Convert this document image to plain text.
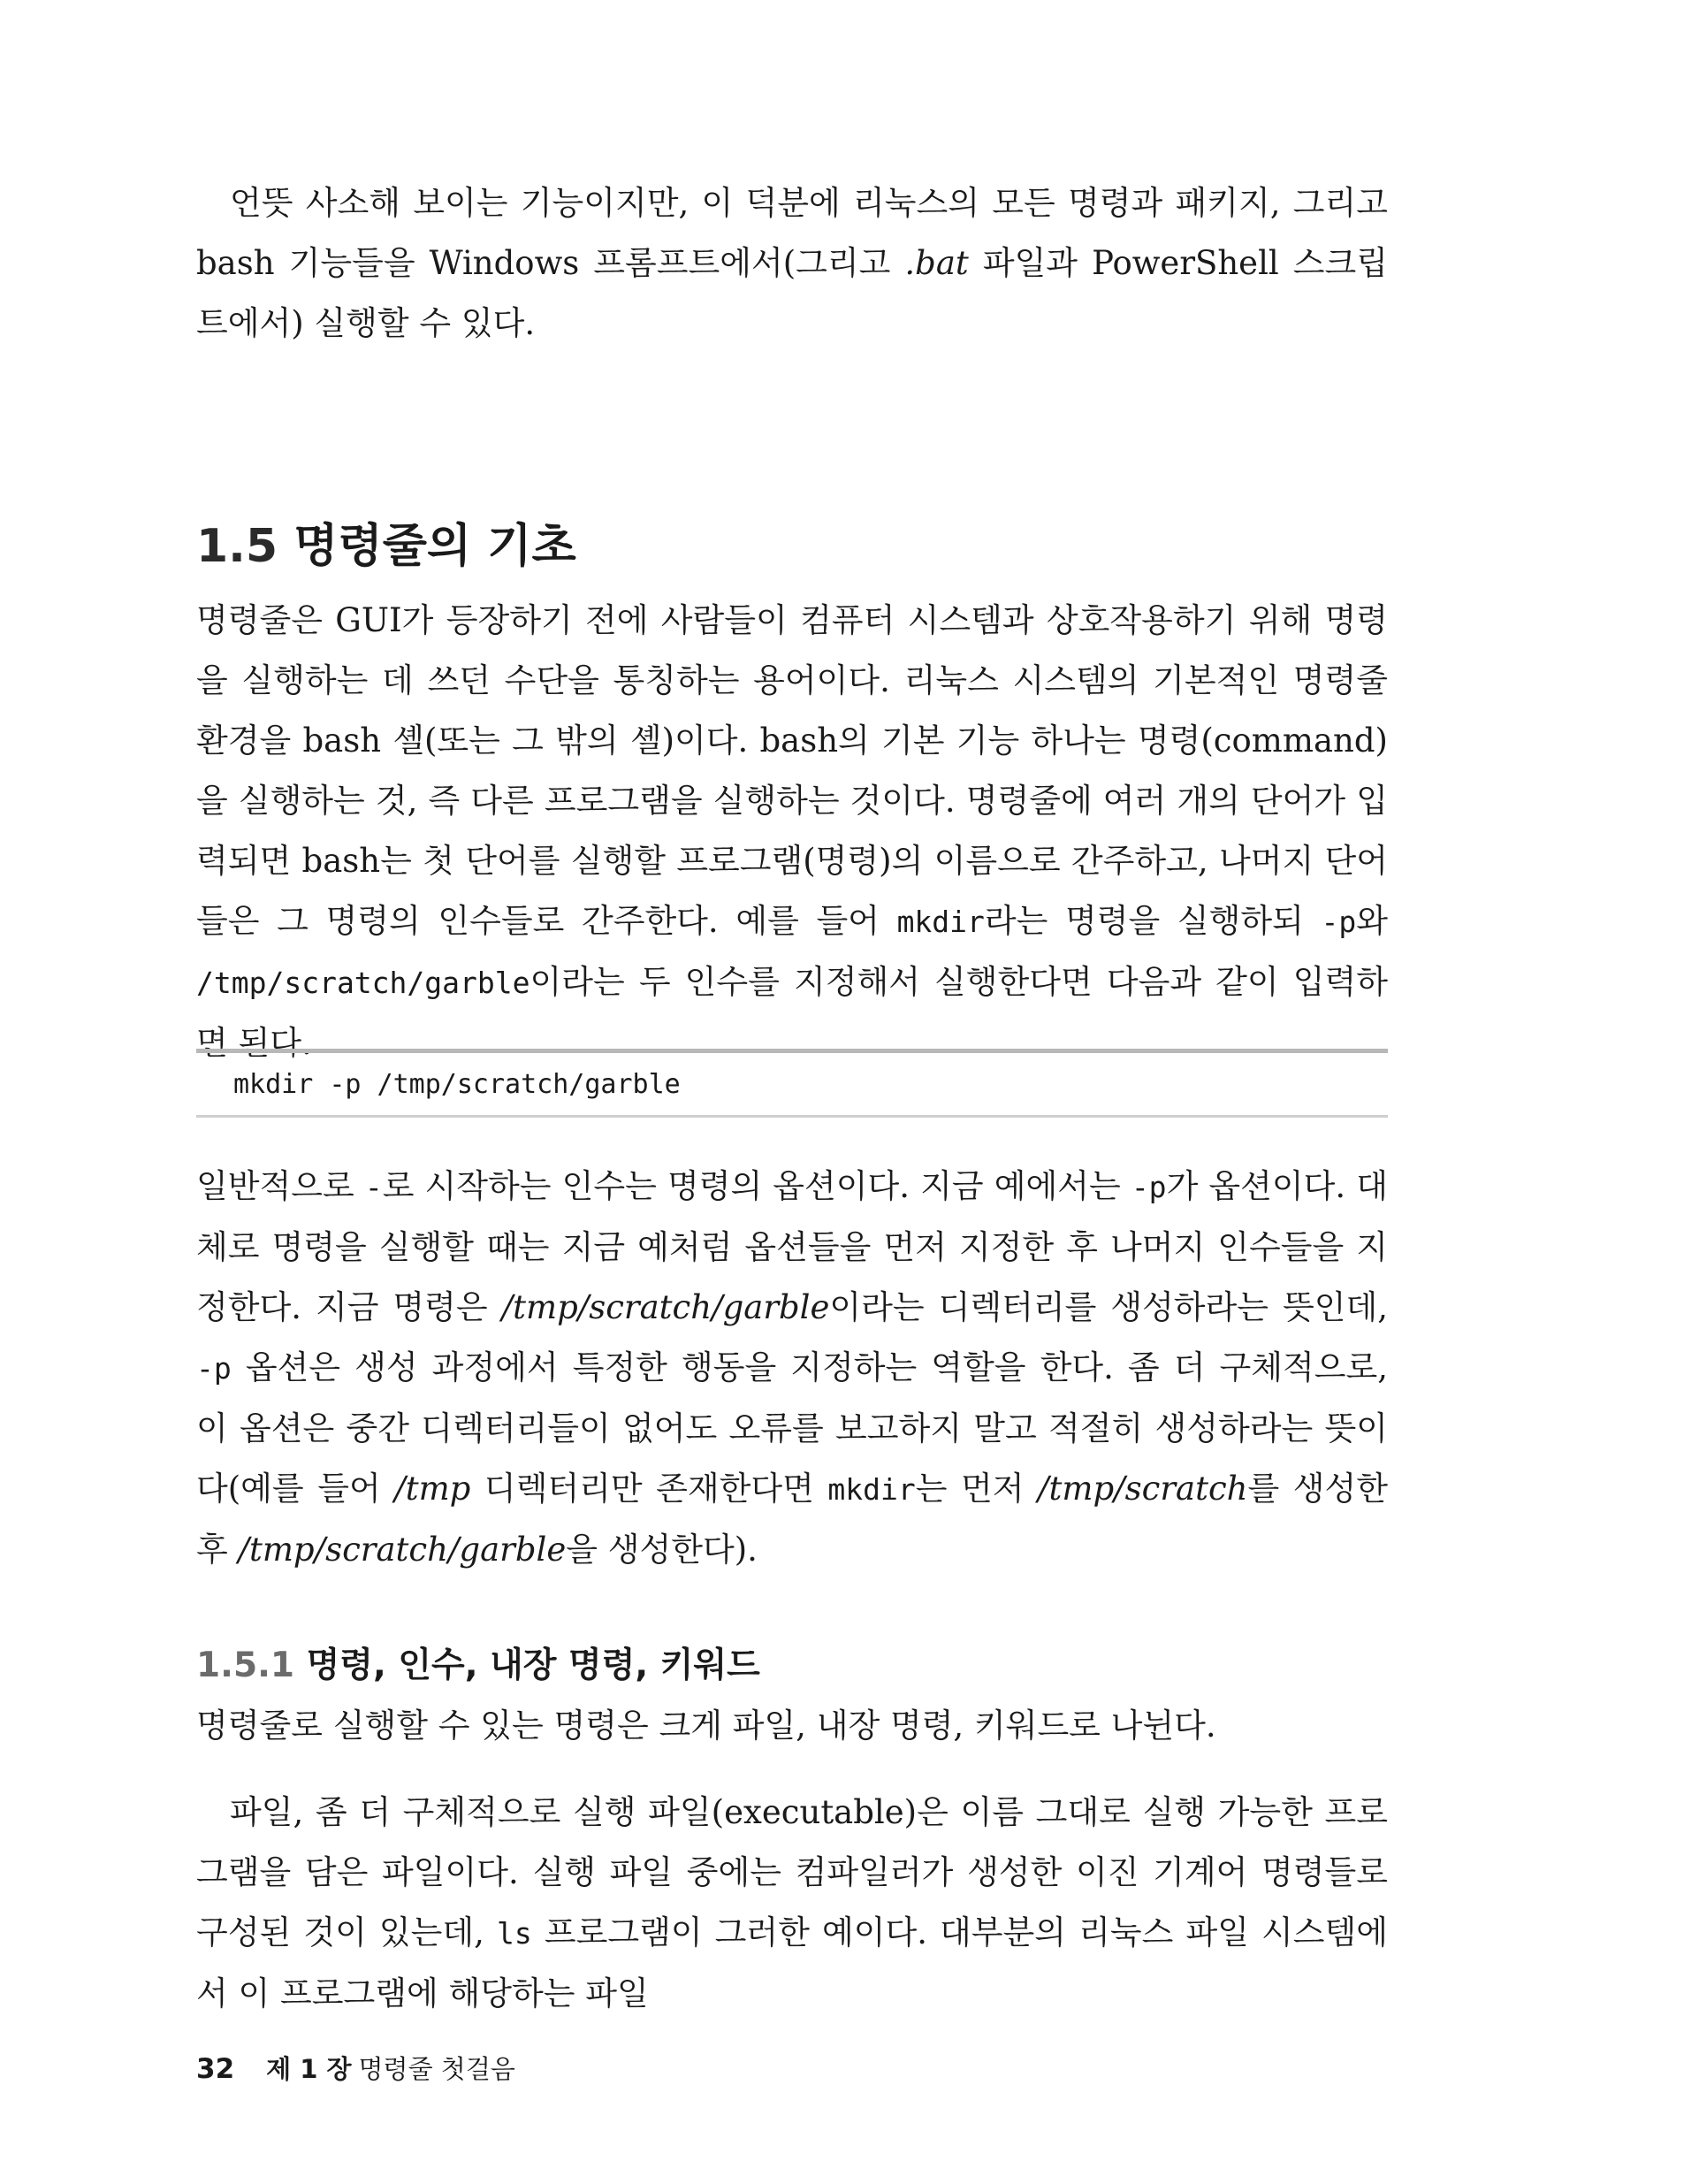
언뜻 사소해 보이는 기능이지만, 이 덕분에 리눅스의 모든 명령과 패키지, 그리고 bash 기능들을 Windows 프롬프트에서(그리고 .bat 파일과 PowerShell 스크립트에서) 실행할 수 있다.

1.5 명령줄의 기초

명령줄은 GUI가 등장하기 전에 사람들이 컴퓨터 시스템과 상호작용하기 위해 명령을 실행하는 데 쓰던 수단을 통칭하는 용어이다. 리눅스 시스템의 기본적인 명령줄 환경을 bash 셸(또는 그 밖의 셸)이다. bash의 기본 기능 하나는 명령(command)을 실행하는 것, 즉 다른 프로그램을 실행하는 것이다. 명령줄에 여러 개의 단어가 입력되면 bash는 첫 단어를 실행할 프로그램(명령)의 이름으로 간주하고, 나머지 단어들은 그 명령의 인수들로 간주한다. 예를 들어 mkdir라는 명령을 실행하되 -p와 /tmp/scratch/garble이라는 두 인수를 지정해서 실행한다면 다음과 같이 입력하면 된다.

mkdir -p /tmp/scratch/garble

일반적으로 -로 시작하는 인수는 명령의 옵션이다. 지금 예에서는 -p가 옵션이다. 대체로 명령을 실행할 때는 지금 예처럼 옵션들을 먼저 지정한 후 나머지 인수들을 지정한다. 지금 명령은 /tmp/scratch/garble이라는 디렉터리를 생성하라는 뜻인데, -p 옵션은 생성 과정에서 특정한 행동을 지정하는 역할을 한다. 좀 더 구체적으로, 이 옵션은 중간 디렉터리들이 없어도 오류를 보고하지 말고 적절히 생성하라는 뜻이다(예를 들어 /tmp 디렉터리만 존재한다면 mkdir는 먼저 /tmp/scratch를 생성한 후 /tmp/scratch/garble을 생성한다).

1.5.1 명령, 인수, 내장 명령, 키워드

명령줄로 실행할 수 있는 명령은 크게 파일, 내장 명령, 키워드로 나뉜다.

파일, 좀 더 구체적으로 실행 파일(executable)은 이름 그대로 실행 가능한 프로그램을 담은 파일이다. 실행 파일 중에는 컴파일러가 생성한 이진 기계어 명령들로 구성된 것이 있는데, ls 프로그램이 그러한 예이다. 대부분의 리눅스 파일 시스템에서 이 프로그램에 해당하는 파일

32 제 1 장 명령줄 첫걸음
